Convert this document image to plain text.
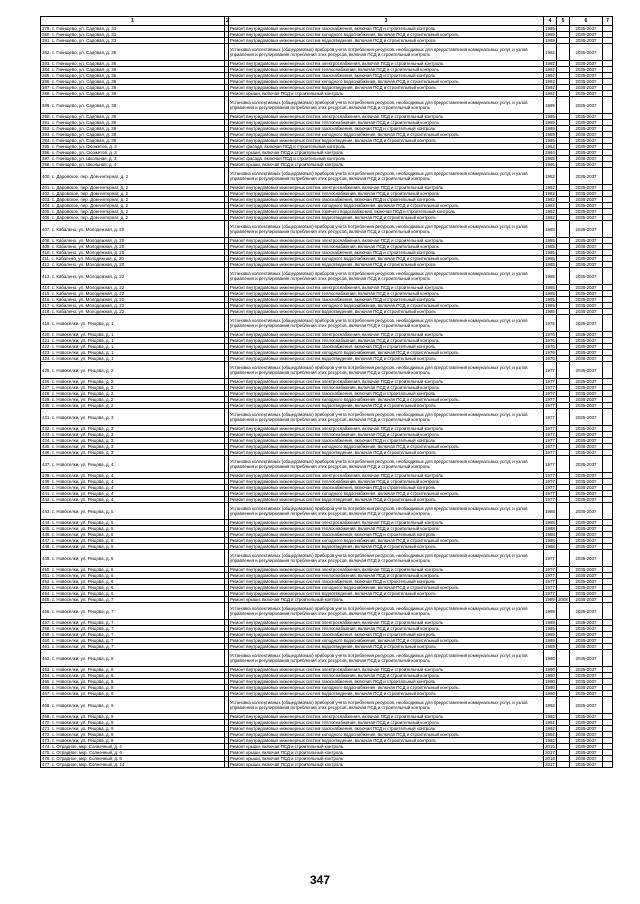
1	2	3	4	5	6	7
379. с. Гнинщево, ул. Садовая, д. 33		Ремонт внутридомовых инженерных систем газоснабжения, включая ПСД и строительный контроль	1989		2035-2037	
380. с. Гнинщево, ул. Садовая, д. 33		Ремонт внутридомовых инженерных систем холодного водоснабжения, включая ПСД и строительный контроль	1989		2035-2037	
381. с. Гнинщево, ул. Садовая, д. 33		Ремонт внутридомовых инженерных систем водоотведения, включая ПСД и строительный контроль	1989		2035-2037	
382. с. Гнинщево, ул. Садовая, д. 36		Установка коллективных (общедомовых) приборов учета потребления ресурсов, необходимых для предоставления коммунальных услуг, и узлов управления и регулирования потребления этих ресурсов, включая ПСД и строительный контроль	1992		2035-2037	
383. с. Гнинщево, ул. Садовая, д. 36		Ремонт внутридомовых инженерных систем электроснабжения, включая ПСД и строительный контроль	1992		2035-2037	
384. с. Гнинщево, ул. Садовая, д. 36		Ремонт внутридомовых инженерных систем теплоснабжения, включая ПСД и строительный контроль	1992		2035-2037	
385. с. Гнинщево, ул. Садовая, д. 36		Ремонт внутридомовых инженерных систем газоснабжения, включая ПСД и строительный контроль	1992		2035-2037	
386. с. Гнинщево, ул. Садовая, д. 36		Ремонт внутридомовых инженерных систем холодного водоснабжения, включая ПСД и строительный контроль	1992		2035-2037	
387. с. Гнинщево, ул. Садовая, д. 36		Ремонт внутридомовых инженерных систем водоотведения, включая ПСД и строительный контроль	1992		2035-2037	
388. с. Гнинщево, ул. Садовая, д. 36		Ремонт крыши, включая ПСД и строительный контроль	1992		2035-2037	
389. с. Гнинщево, ул. Садовая, д. 38		Установка коллективных (общедомовых) приборов учета потребления ресурсов, необходимых для предоставления коммунальных услуг, и узлов управления и регулирования потребления этих ресурсов, включая ПСД и строительный контроль	1989		2035-2037	
390. с. Гнинщево, ул. Садовая, д. 38		Ремонт внутридомовых инженерных систем электроснабжения, включая ПСД и строительный контроль	1989		2035-2037	
391. с. Гнинщево, ул. Садовая, д. 38		Ремонт внутридомовых инженерных систем теплоснабжения, включая ПСД и строительный контроль	1989		2035-2037	
392. с. Гнинщево, ул. Садовая, д. 38		Ремонт внутридомовых инженерных систем газоснабжения, включая ПСД и строительный контроль	1989		2035-2037	
393. с. Гнинщево, ул. Садовая, д. 38		Ремонт внутридомовых инженерных систем холодного водоснабжения, включая ПСД и строительный контроль	1989		2035-2037	
394. с. Гнинщево, ул. Садовая, д. 38		Ремонт внутридомовых инженерных систем водоотведения, включая ПСД и строительный контроль	1989		2035-2037	
395. с. Гнинщево, ул. Сюэжетов, д. 3		Ремонт фасада, включая ПСД и строительный контроль	1964		2035-2037	
396. с. Гнинщево, ул. Сюэжетов, д. 3		Ремонт крыши, включая ПСД и строительный контроль	1964		2035-2037	
397. с. Гнинщево, ул. Школьная, д. 3		Ремонт фасада, включая ПСД и строительный контроль	1965		2035-2037	
398. с. Гнинщево, ул. Школьная, д. 4		Ремонт крыши, включая ПСД и строительный контроль	1965		2035-2037	
400. с. Даровское, пер. Дом-интернат, д. 2		Установка коллективных (общедомовых) приборов учета потребления ресурсов, необходимых для предоставления коммунальных услуг, и узлов управления и регулирования потребления этих ресурсов, включая ПСД и строительный контроль	1982		2035-2037	
401. с. Даровское, пер. Дом-интернат, д. 2		Ремонт внутридомовых инженерных систем электроснабжения, включая ПСД и строительный контроль	1982		2035-2037	
402. с. Даровское, пер. Дом-интернат, д. 2		Ремонт внутридомовых инженерных систем теплоснабжения, включая ПСД и строительный контроль	1982		2035-2037	
403. с. Даровское, пер. Дом-интернат, д. 2		Ремонт внутридомовых инженерных систем газоснабжения, включая ПСД и строительный контроль	1982		2035-2037	
404. с. Даровское, пер. Дом-интернат, д. 2		Ремонт внутридомовых инженерных систем холодного водоснабжения, включая ПСД и строительный контроль	1982		2035-2037	
405. с. Даровское, пер. Дом-интернат, д. 2		Ремонт внутридомовых инженерных систем горячего водоснабжения, включая ПСД и строительный контроль	1982		2035-2037	
406. с. Даровское, пер. Дом-интернат, д. 2		Ремонт внутридомовых инженерных систем водоотведения, включая ПСД и строительный контроль	1982		2035-2037	
407. с. Кабалено, ул. Молодежная, д. 20		Установка коллективных (общедомовых) приборов учета потребления ресурсов, необходимых для предоставления коммунальных услуг, и узлов управления и регулирования потребления этих ресурсов, включая ПСД и строительный контроль	1985		2035-2037	
408. с. Кабалено, ул. Молодежная, д. 20		Ремонт внутридомовых инженерных систем электроснабжения, включая ПСД и строительный контроль	1985		2035-2037	
409. с. Кабалено, ул. Молодежная, д. 20		Ремонт внутридомовых инженерных систем теплоснабжения, включая ПСД и строительный контроль	1985		2035-2037	
410. с. Кабалено, ул. Молодежная, д. 20		Ремонт внутридомовых инженерных систем газоснабжения, включая ПСД и строительный контроль	1985		2035-2037	
411. с. Кабалено, ул. Молодежная, д. 20		Ремонт внутридомовых инженерных систем холодного водоснабжения, включая ПСД и строительный контроль	1985		2035-2037	
412. с. Кабалено, ул. Молодежная, д. 20		Ремонт внутридомовых инженерных систем водоотведения, включая ПСД и строительный контроль	1985		2035-2037	
413. с. Кабалено, ул. Молодежная, д. 22		Установка коллективных (общедомовых) приборов учета потребления ресурсов, необходимых для предоставления коммунальных услуг, и узлов управления и регулирования потребления этих ресурсов, включая ПСД и строительный контроль	1985		2035-2037	
414. с. Кабалено, ул. Молодежная, д. 22		Ремонт внутридомовых инженерных систем электроснабжения, включая ПСД и строительный контроль	1985		2035-2037	
415. с. Кабалено, ул. Молодежная, д. 22		Ремонт внутридомовых инженерных систем теплоснабжения, включая ПСД и строительный контроль	1985		2035-2037	
416. с. Кабалено, ул. Молодежная, д. 22		Ремонт внутридомовых инженерных систем газоснабжения, включая ПСД и строительный контроль	1985		2035-2037	
417. с. Кабалено, ул. Молодежная, д. 22		Ремонт внутридомовых инженерных систем холодного водоснабжения, включая ПСД и строительный контроль	1985		2035-2037	
418. с. Кабалено, ул. Молодежная, д. 22		Ремонт внутридомовых инженерных систем водоотведения, включая ПСД и строительный контроль	1985		2035-2037	
419. с. Новоселки, ул. Рещова, д. 1		Установка коллективных (общедомовых) приборов учета потребления ресурсов, необходимых для предоставления коммунальных услуг, и узлов управления и регулирования потребления этих ресурсов, включая ПСД и строительный контроль	1976		2035-2037	
420. с. Новоселки, ул. Рещова, д. 1		Ремонт внутридомовых инженерных систем электроснабжения, включая ПСД и строительный контроль	1976		2035-2037	
421. с. Новоселки, ул. Рещова, д. 1		Ремонт внутридомовых инженерных систем теплоснабжения, включая ПСД и строительный контроль	1976		2035-2037	
422. с. Новоселки, ул. Рещова, д. 1		Ремонт внутридомовых инженерных систем газоснабжения, включая ПСД и строительный контроль	1976		2035-2037	
423. с. Новоселки, ул. Рещова, д. 1		Ремонт внутридомовых инженерных систем холодного водоснабжения, включая ПСД и строительный контроль	1976		2035-2037	
424. с. Новоселки, ул. Рещова, д. 1		Ремонт внутридомовых инженерных систем водоотведения, включая ПСД и строительный контроль	1976		2035-2037	
425. с. Новоселки, ул. Рещова, д. 2		Установка коллективных (общедомовых) приборов учета потребления ресурсов, необходимых для предоставления коммунальных услуг, и узлов управления и регулирования потребления этих ресурсов, включая ПСД и строительный контроль	1977		2035-2037	
426. с. Новоселки, ул. Рещова, д. 2		Ремонт внутридомовых инженерных систем электроснабжения, включая ПСД и строительный контроль	1977		2035-2037	
427. с. Новоселки, ул. Рещова, д. 2		Ремонт внутридомовых инженерных систем теплоснабжения, включая ПСД и строительный контроль	1977		2035-2037	
428. с. Новоселки, ул. Рещова, д. 2		Ремонт внутридомовых инженерных систем газоснабжения, включая ПСД и строительный контроль	1977		2035-2037	
429. с. Новоселки, ул. Рещова, д. 2		Ремонт внутридомовых инженерных систем холодного водоснабжения, включая ПСД и строительный контроль	1977		2035-2037	
430. с. Новоселки, ул. Рещова, д. 2		Ремонт внутридомовых инженерных систем водоотведения, включая ПСД и строительный контроль	1977		2035-2037	
431. с. Новоселки, ул. Рещова, д. 3		Установка коллективных (общедомовых) приборов учета потребления ресурсов, необходимых для предоставления коммунальных услуг, и узлов управления и регулирования потребления этих ресурсов, включая ПСД и строительный контроль	1977		2035-2037	
432. с. Новоселки, ул. Рещова, д. 3		Ремонт внутридомовых инженерных систем электроснабжения, включая ПСД и строительный контроль	1977		2035-2037	
433. с. Новоселки, ул. Рещова, д. 3		Ремонт внутридомовых инженерных систем теплоснабжения, включая ПСД и строительный контроль	1977		2035-2037	
434. с. Новоселки, ул. Рещова, д. 3		Ремонт внутридомовых инженерных систем газоснабжения, включая ПСД и строительный контроль	1977		2035-2037	
435. с. Новоселки, ул. Рещова, д. 3		Ремонт внутридомовых инженерных систем холодного водоснабжения, включая ПСД и строительный контроль	1977		2035-2037	
436. с. Новоселки, ул. Рещова, д. 3		Ремонт внутридомовых инженерных систем водоотведения, включая ПСД и строительный контроль	1977		2035-2037	
437. с. Новоселки, ул. Рещова, д. 4		Установка коллективных (общедомовых) приборов учета потребления ресурсов, необходимых для предоставления коммунальных услуг, и узлов управления и регулирования потребления этих ресурсов, включая ПСД и строительный контроль	1977		2035-2037	
438. с. Новоселки, ул. Рещова, д. 4		Ремонт внутридомовых инженерных систем электроснабжения, включая ПСД и строительный контроль	1977		2035-2037	
439. с. Новоселки, ул. Рещова, д. 4		Ремонт внутридомовых инженерных систем теплоснабжения, включая ПСД и строительный контроль	1977		2035-2037	
440. с. Новоселки, ул. Рещова, д. 4		Ремонт внутридомовых инженерных систем газоснабжения, включая ПСД и строительный контроль	1977		2035-2037	
441. с. Новоселки, ул. Рещова, д. 4		Ремонт внутридомовых инженерных систем холодного водоснабжения, включая ПСД и строительный контроль	1977		2035-2037	
442. с. Новоселки, ул. Рещова, д. 4		Ремонт внутридомовых инженерных систем водоотведения, включая ПСД и строительный контроль	1977		2035-2037	
443. с. Новоселки, ул. Рещова, д. 5		Установка коллективных (общедомовых) приборов учета потребления ресурсов, необходимых для предоставления коммунальных услуг, и узлов управления и регулирования потребления этих ресурсов, включая ПСД и строительный контроль	1988		2035-2037	
444. с. Новоселки, ул. Рещова, д. 5		Ремонт внутридомовых инженерных систем электроснабжения, включая ПСД и строительный контроль	1988		2035-2037	
445. с. Новоселки, ул. Рещова, д. 5		Ремонт внутридомовых инженерных систем теплоснабжения, включая ПСД и строительный контроль	1988		2035-2037	
446. с. Новоселки, ул. Рещова, д. 5		Ремонт внутридомовых инженерных систем газоснабжения, включая ПСД и строительный контроль	1988		2035-2037	
447. с. Новоселки, ул. Рещова, д. 5		Ремонт внутридомовых инженерных систем холодного водоснабжения, включая ПСД и строительный контроль	1988		2035-2037	
448. с. Новоселки, ул. Рещова, д. 5		Ремонт внутридомовых инженерных систем водоотведения, включая ПСД и строительный контроль	1988		2035-2037	
449. с. Новоселки, ул. Рещова, д. 6		Установка коллективных (общедомовых) приборов учета потребления ресурсов, необходимых для предоставления коммунальных услуг, и узлов управления и регулирования потребления этих ресурсов, включая ПСД и строительный контроль	1977		2035-2037	
450. с. Новоселки, ул. Рещова, д. 6		Ремонт внутридомовых инженерных систем электроснабжения, включая ПСД и строительный контроль	1977		2035-2037	
451. с. Новоселки, ул. Рещова, д. 6		Ремонт внутридомовых инженерных систем теплоснабжения, включая ПСД и строительный контроль	1977		2035-2037	
452. с. Новоселки, ул. Рещова, д. 6		Ремонт внутридомовых инженерных систем газоснабжения, включая ПСД и строительный контроль	1977		2035-2037	
453. с. Новоселки, ул. Рещова, д. 6		Ремонт внутридомовых инженерных систем холодного водоснабжения, включая ПСД и строительный контроль	1977		2035-2037	
454. с. Новоселки, ул. Рещова, д. 6		Ремонт внутридомовых инженерных систем водоотведения, включая ПСД и строительный контроль	1977		2035-2037	
455. с. Новоселки, ул. Рещова, д. 7		Ремонт крыши, включая ПСД и строительный контроль	1989	2008	2035-2037	
456. с. Новоселки, ул. Рещова, д. 7		Установка коллективных (общедомовых) приборов учета потребления ресурсов, необходимых для предоставления коммунальных услуг, и узлов управления и регулирования потребления этих ресурсов, включая ПСД и строительный контроль	1989		2035-2037	
457. с. Новоселки, ул. Рещова, д. 7		Ремонт внутридомовых инженерных систем электроснабжения, включая ПСД и строительный контроль	1989		2035-2037	
458. с. Новоселки, ул. Рещова, д. 7		Ремонт внутридомовых инженерных систем теплоснабжения, включая ПСД и строительный контроль	1989		2035-2037	
459. с. Новоселки, ул. Рещова, д. 7		Ремонт внутридомовых инженерных систем газоснабжения, включая ПСД и строительный контроль	1989		2035-2037	
460. с. Новоселки, ул. Рещова, д. 7		Ремонт внутридомовых инженерных систем холодного водоснабжения, включая ПСД и строительный контроль	1989		2035-2037	
461. с. Новоселки, ул. Рещова, д. 7		Ремонт внутридомовых инженерных систем водоотведения, включая ПСД и строительный контроль	1989		2035-2037	
462. с. Новоселки, ул. Рещова, д. 8		Установка коллективных (общедомовых) приборов учета потребления ресурсов, необходимых для предоставления коммунальных услуг, и узлов управления и регулирования потребления этих ресурсов, включая ПСД и строительный контроль	1990		2035-2037	
463. с. Новоселки, ул. Рещова, д. 8		Ремонт внутридомовых инженерных систем электроснабжения, включая ПСД и строительный контроль	1990		2035-2037	
464. с. Новоселки, ул. Рещова, д. 8		Ремонт внутридомовых инженерных систем теплоснабжения, включая ПСД и строительный контроль	1990		2035-2037	
465. с. Новоселки, ул. Рещова, д. 8		Ремонт внутридомовых инженерных систем газоснабжения, включая ПСД и строительный контроль	1990		2035-2037	
466. с. Новоселки, ул. Рещова, д. 8		Ремонт внутридомовых инженерных систем холодного водоснабжения, включая ПСД и строительный контроль	1990		2035-2037	
467. с. Новоселки, ул. Рещова, д. 8		Ремонт внутридомовых инженерных систем водоотведения, включая ПСД и строительный контроль	1990		2035-2037	
468. с. Новоселки, ул. Рещова, д. 9		Установка коллективных (общедомовых) приборов учета потребления ресурсов, необходимых для предоставления коммунальных услуг, и узлов управления и регулирования потребления этих ресурсов, включая ПСД и строительный контроль	1992		2035-2037	
469. с. Новоселки, ул. Рещова, д. 9		Ремонт внутридомовых инженерных систем электроснабжения, включая ПСД и строительный контроль	1992		2035-2037	
470. с. Новоселки, ул. Рещова, д. 9		Ремонт внутридомовых инженерных систем теплоснабжения, включая ПСД и строительный контроль	1992		2035-2037	
471. с. Новоселки, ул. Рещова, д. 9		Ремонт внутридомовых инженерных систем газоснабжения, включая ПСД и строительный контроль	1992		2035-2037	
472. с. Новоселки, ул. Рещова, д. 9		Ремонт внутридомовых инженерных систем холодного водоснабжения, включая ПСД и строительный контроль	1992		2035-2037	
473. с. Новоселки, ул. Рещова, д. 9		Ремонт внутридомовых инженерных систем водоотведения, включая ПСД и строительный контроль	1992		2035-2037	
474. с. Отрадное, мкр. Солнечный, д. 4		Ремонт крыши, включая ПСД и строительный контроль	2015		2035-2037	
475. с. Отрадное, мкр. Солнечный, д. 6		Ремонт крыши, включая ПСД и строительный контроль	2017		2035-2037	
476. с. Отрадное, мкр. Солнечный, д. 8		Ремонт крыши, включая ПСД и строительный контроль	2016		2035-2037	
477. с. Отрадное, мкр. Солнечный, д. 14		Ремонт крыши, включая ПСД и строительный контроль	2017		2035-2037	
347
